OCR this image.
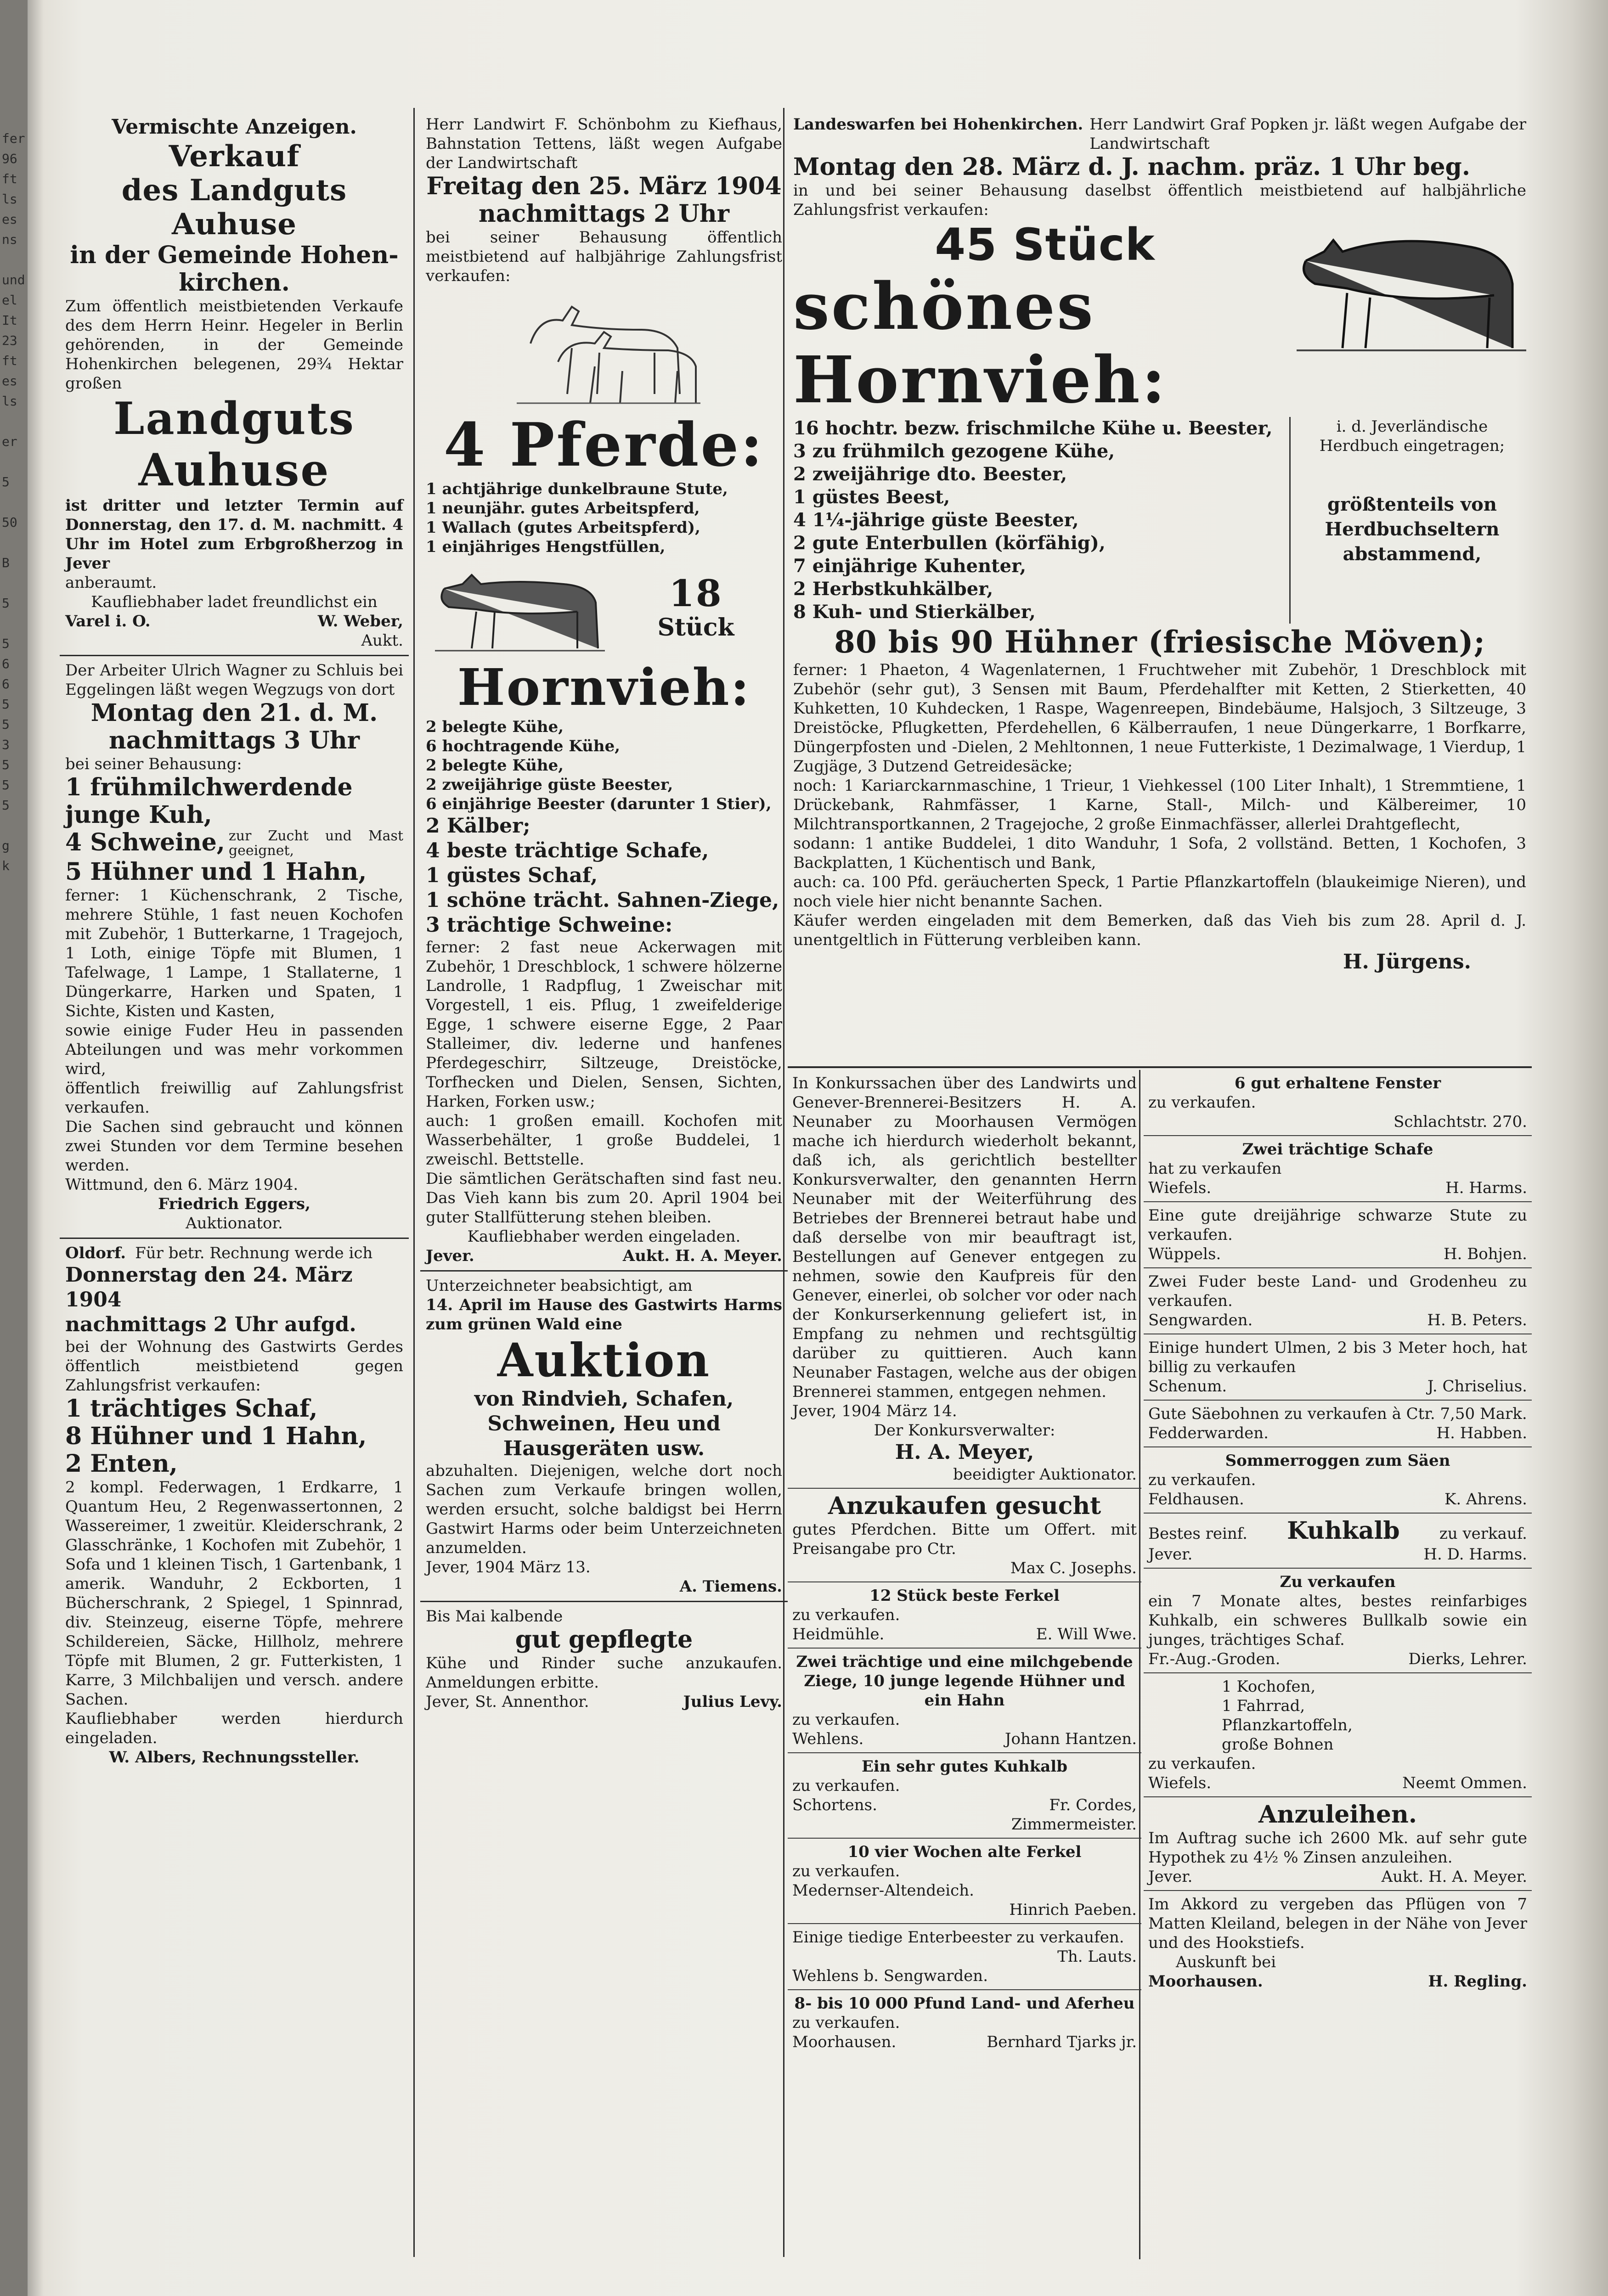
fer
96
ft
ls
es
ns

und
el
It
23
ft
es
ls

er

5

50

B

5

5
6
6
5
5
3
5
5
5

g
k

Vermischte Anzeigen.

Verkauf

des Landguts

Auhuse

in der Gemeinde Hohen-kirchen.

Zum öffentlich meistbietenden Verkaufe des dem Herrn Heinr. Hegeler in Berlin gehörenden, in der Gemeinde Hohenkirchen belegenen, 29¾ Hektar großen

Landguts

Auhuse

ist dritter und letzter Termin auf Donnerstag, den 17. d. M. nachmitt. 4 Uhr im Hotel zum Erbgroßherzog in Jever

anberaumt.

Kaufliebhaber ladet freundlichst ein

Varel i. O.	W. Weber,

Aukt.

Der Arbeiter Ulrich Wagner zu Schluis bei Eggelingen läßt wegen Wegzugs von dort

Montag den 21. d. M.

nachmittags 3 Uhr

bei seiner Behausung:

1 frühmilchwerdende junge Kuh,

4 Schweine, zur Zucht und Mast geeignet,

5 Hühner und 1 Hahn,

ferner: 1 Küchenschrank, 2 Tische, mehrere Stühle, 1 fast neuen Kochofen mit Zubehör, 1 Butterkarne, 1 Tragejoch, 1 Loth, einige Töpfe mit Blumen, 1 Tafelwage, 1 Lampe, 1 Stallaterne, 1 Düngerkarre, Harken und Spaten, 1 Sichte, Kisten und Kasten,

sowie einige Fuder Heu in passenden Abteilungen und was mehr vorkommen wird,

öffentlich freiwillig auf Zahlungsfrist verkaufen.

Die Sachen sind gebraucht und können zwei Stunden vor dem Termine besehen werden.

Wittmund, den 6. März 1904.

Friedrich Eggers,

Auktionator.

Oldorf. Für betr. Rechnung werde ich

Donnerstag den 24. März 1904

nachmittags 2 Uhr aufgd.

bei der Wohnung des Gastwirts Gerdes öffentlich meistbietend gegen Zahlungsfrist verkaufen:

1 trächtiges Schaf,

8 Hühner und 1 Hahn,

2 Enten,

2 kompl. Federwagen, 1 Erdkarre, 1 Quantum Heu, 2 Regenwassertonnen, 2 Wassereimer, 1 zweitür. Kleiderschrank, 2 Glasschränke, 1 Kochofen mit Zubehör, 1 Sofa und 1 kleinen Tisch, 1 Gartenbank, 1 amerik. Wanduhr, 2 Eckborten, 1 Bücherschrank, 2 Spiegel, 1 Spinnrad, div. Steinzeug, eiserne Töpfe, mehrere Schildereien, Säcke, Hillholz, mehrere Töpfe mit Blumen, 2 gr. Futterkisten, 1 Karre, 3 Milchbalijen und versch. andere Sachen.

Kaufliebhaber werden hierdurch eingeladen.

W. Albers, Rechnungssteller.

Herr Landwirt F. Schönbohm zu Kiefhaus, Bahnstation Tettens, läßt wegen Aufgabe der Landwirtschaft

Freitag den 25. März 1904

nachmittags 2 Uhr

bei seiner Behausung öffentlich meistbietend auf halbjährige Zahlungsfrist verkaufen:

4 Pferde:

1 achtjährige dunkelbraune Stute,

1 neunjähr. gutes Arbeitspferd,

1 Wallach (gutes Arbeitspferd),

1 einjähriges Hengstfüllen,

18

Stück

Hornvieh:

2 belegte Kühe,

6 hochtragende Kühe,

2 belegte Kühe,

2 zweijährige güste Beester,

6 einjährige Beester (darunter 1 Stier),

2 Kälber;

4 beste trächtige Schafe,

1 güstes Schaf,

1 schöne trächt. Sahnen-Ziege,

3 trächtige Schweine:

ferner: 2 fast neue Ackerwagen mit Zubehör, 1 Dreschblock, 1 schwere hölzerne Landrolle, 1 Radpflug, 1 Zweischar mit Vorgestell, 1 eis. Pflug, 1 zweifelderige Egge, 1 schwere eiserne Egge, 2 Paar Stalleimer, div. lederne und hanfenes Pferdegeschirr, Siltzeuge, Dreistöcke, Torfhecken und Dielen, Sensen, Sichten, Harken, Forken usw.;

auch: 1 großen emaill. Kochofen mit Wasserbehälter, 1 große Buddelei, 1 zweischl. Bettstelle.

Die sämtlichen Gerätschaften sind fast neu. Das Vieh kann bis zum 20. April 1904 bei guter Stallfütterung stehen bleiben.

Kaufliebhaber werden eingeladen.

Jever.	Aukt. H. A. Meyer.

Unterzeichneter beabsichtigt, am

14. April im Hause des Gastwirts Harms zum grünen Wald eine

Auktion

von Rindvieh, Schafen, Schweinen, Heu und Hausgeräten usw.

abzuhalten. Diejenigen, welche dort noch Sachen zum Verkaufe bringen wollen, werden ersucht, solche baldigst bei Herrn Gastwirt Harms oder beim Unterzeichneten anzumelden.

Jever, 1904 März 13.

A. Tiemens.

Bis Mai kalbende

gut gepflegte

Kühe und Rinder suche anzukaufen. Anmeldungen erbitte.

Jever, St. Annenthor.	Julius Levy.

Landeswarfen bei Hohenkirchen. Herr Landwirt Graf Popken jr. läßt wegen Aufgabe der Landwirtschaft

Montag den 28. März d. J. nachm. präz. 1 Uhr beg.

in und bei seiner Behausung daselbst öffentlich meistbietend auf halbjährliche Zahlungsfrist verkaufen:

45 Stück

schönes Hornvieh:

16 hochtr. bezw. frischmilche Kühe u. Beester,

3 zu frühmilch gezogene Kühe,

2 zweijährige dto. Beester,

1 güstes Beest,

4 1¼-jährige güste Beester,

2 gute Enterbullen (körfähig),

7 einjährige Kuhenter,

2 Herbstkuhkälber,

8 Kuh- und Stierkälber,

i. d. Jeverländische Herdbuch eingetragen;

größtenteils von Herdbuchseltern abstammend,

80 bis 90 Hühner (friesische Möven);

ferner: 1 Phaeton, 4 Wagenlaternen, 1 Fruchtweher mit Zubehör, 1 Dreschblock mit Zubehör (sehr gut), 3 Sensen mit Baum, Pferdehalfter mit Ketten, 2 Stierketten, 40 Kuhketten, 10 Kuhdecken, 1 Raspe, Wagenreepen, Bindebäume, Halsjoch, 3 Siltzeuge, 3 Dreistöcke, Pflugketten, Pferdehellen, 6 Kälberraufen, 1 neue Düngerkarre, 1 Borfkarre, Düngerpfosten und -Dielen, 2 Mehltonnen, 1 neue Futterkiste, 1 Dezimalwage, 1 Vierdup, 1 Zugjäge, 3 Dutzend Getreidesäcke;

noch: 1 Kariarckarnmaschine, 1 Trieur, 1 Viehkessel (100 Liter Inhalt), 1 Stremmtiene, 1 Drückebank, Rahmfässer, 1 Karne, Stall-, Milch- und Kälbereimer, 10 Milchtransportkannen, 2 Tragejoche, 2 große Einmachfässer, allerlei Drahtgeflecht,

sodann: 1 antike Buddelei, 1 dito Wanduhr, 1 Sofa, 2 vollständ. Betten, 1 Kochofen, 3 Backplatten, 1 Küchentisch und Bank,

auch: ca. 100 Pfd. geräucherten Speck, 1 Partie Pflanzkartoffeln (blaukeimige Nieren), und noch viele hier nicht benannte Sachen.

Käufer werden eingeladen mit dem Bemerken, daß das Vieh bis zum 28. April d. J. unentgeltlich in Fütterung verbleiben kann.

H. Jürgens.

In Konkurssachen über des Landwirts und Genever-Brennerei-Besitzers H. A. Neunaber zu Moorhausen Vermögen mache ich hierdurch wiederholt bekannt, daß ich, als gerichtlich bestellter Konkursverwalter, den genannten Herrn Neunaber mit der Weiterführung des Betriebes der Brennerei betraut habe und daß derselbe von mir beauftragt ist, Bestellungen auf Genever entgegen zu nehmen, sowie den Kaufpreis für den Genever, einerlei, ob solcher vor oder nach der Konkurserkennung geliefert ist, in Empfang zu nehmen und rechtsgültig darüber zu quittieren. Auch kann Neunaber Fastagen, welche aus der obigen Brennerei stammen, entgegen nehmen.

Jever, 1904 März 14.

Der Konkursverwalter:

H. A. Meyer,

beeidigter Auktionator.

Anzukaufen gesucht

gutes Pferdchen. Bitte um Offert. mit Preisangabe pro Ctr.

Max C. Josephs.

12 Stück beste Ferkel

zu verkaufen.

Heidmühle.	E. Will Wwe.

Zwei trächtige und eine milchgebende Ziege, 10 junge legende Hühner und ein Hahn

zu verkaufen.

Wehlens.	Johann Hantzen.

Ein sehr gutes Kuhkalb

zu verkaufen.

Schortens.	Fr. Cordes,

Zimmermeister.

10 vier Wochen alte Ferkel

zu verkaufen.

Medernser-Altendeich.

Hinrich Paeben.

Einige tiedige Enterbeester zu verkaufen.

Th. Lauts.

Wehlens b. Sengwarden.

8- bis 10 000 Pfund Land- und Aferheu

zu verkaufen.

Moorhausen.	Bernhard Tjarks jr.

6 gut erhaltene Fenster

zu verkaufen.

Schlachtstr. 270.

Zwei trächtige Schafe

hat zu verkaufen

Wiefels.	H. Harms.

Eine gute dreijährige schwarze Stute zu verkaufen.

Wüppels.	H. Bohjen.

Zwei Fuder beste Land- und Grodenheu zu verkaufen.

Sengwarden.	H. B. Peters.

Einige hundert Ulmen, 2 bis 3 Meter hoch, hat billig zu verkaufen

Schenum.	J. Chriselius.

Gute Säebohnen zu verkaufen à Ctr. 7,50 Mark.

Fedderwarden.	H. Habben.

Sommerroggen zum Säen

zu verkaufen.

Feldhausen.	K. Ahrens.
Bestes reinf. Kuhkalb	zu verkauf.
Jever.	H. D. Harms.

Zu verkaufen

ein 7 Monate altes, bestes reinfarbiges Kuhkalb, ein schweres Bullkalb sowie ein junges, trächtiges Schaf.

Fr.-Aug.-Groden.	Dierks, Lehrer.

1 Kochofen,

1 Fahrrad,

Pflanzkartoffeln,

große Bohnen

zu verkaufen.

Wiefels.	Neemt Ommen.

Anzuleihen.

Im Auftrag suche ich 2600 Mk. auf sehr gute Hypothek zu 4½ % Zinsen anzuleihen.

Jever.	Aukt. H. A. Meyer.

Im Akkord zu vergeben das Pflügen von 7 Matten Kleiland, belegen in der Nähe von Jever und des Hookstiefs.

Auskunft bei

Moorhausen.	H. Regling.
